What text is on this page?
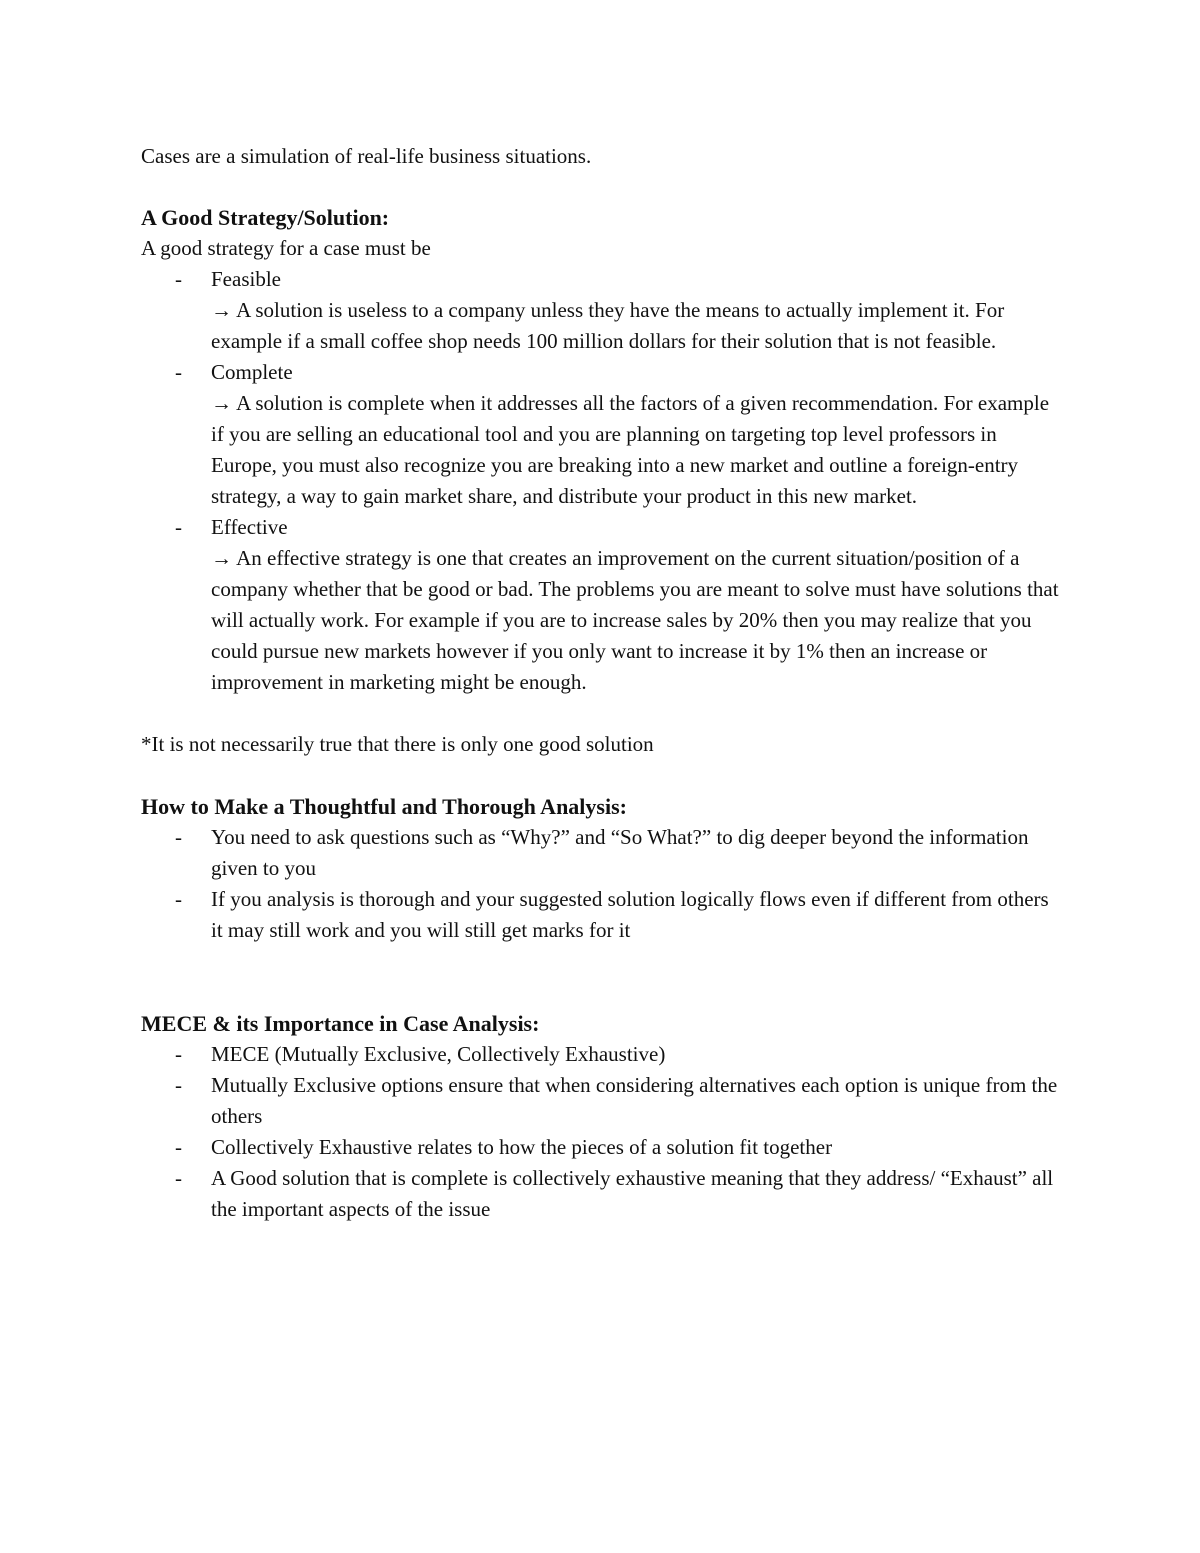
Cases are a simulation of real-life business situations.

A Good Strategy/Solution:

A good strategy for a case must be

- Feasible
→ A solution is useless to a company unless they have the means to actually implement it. For example if a small coffee shop needs 100 million dollars for their solution that is not feasible.
- Complete
→ A solution is complete when it addresses all the factors of a given recommendation. For example if you are selling an educational tool and you are planning on targeting top level professors in Europe, you must also recognize you are breaking into a new market and outline a foreign-entry strategy, a way to gain market share, and distribute your product in this new market.
- Effective
→ An effective strategy is one that creates an improvement on the current situation/position of a company whether that be good or bad. The problems you are meant to solve must have solutions that will actually work. For example if you are to increase sales by 20% then you may realize that you could pursue new markets however if you only want to increase it by 1% then an increase or improvement in marketing might be enough.

*It is not necessarily true that there is only one good solution

How to Make a Thoughtful and Thorough Analysis:

- You need to ask questions such as “Why?” and “So What?” to dig deeper beyond the information given to you
- If you analysis is thorough and your suggested solution logically flows even if different from others it may still work and you will still get marks for it

MECE & its Importance in Case Analysis:

- MECE (Mutually Exclusive, Collectively Exhaustive)
- Mutually Exclusive options ensure that when considering alternatives each option is unique from the others
- Collectively Exhaustive relates to how the pieces of a solution fit together
- A Good solution that is complete is collectively exhaustive meaning that they address/ “Exhaust” all the important aspects of the issue
